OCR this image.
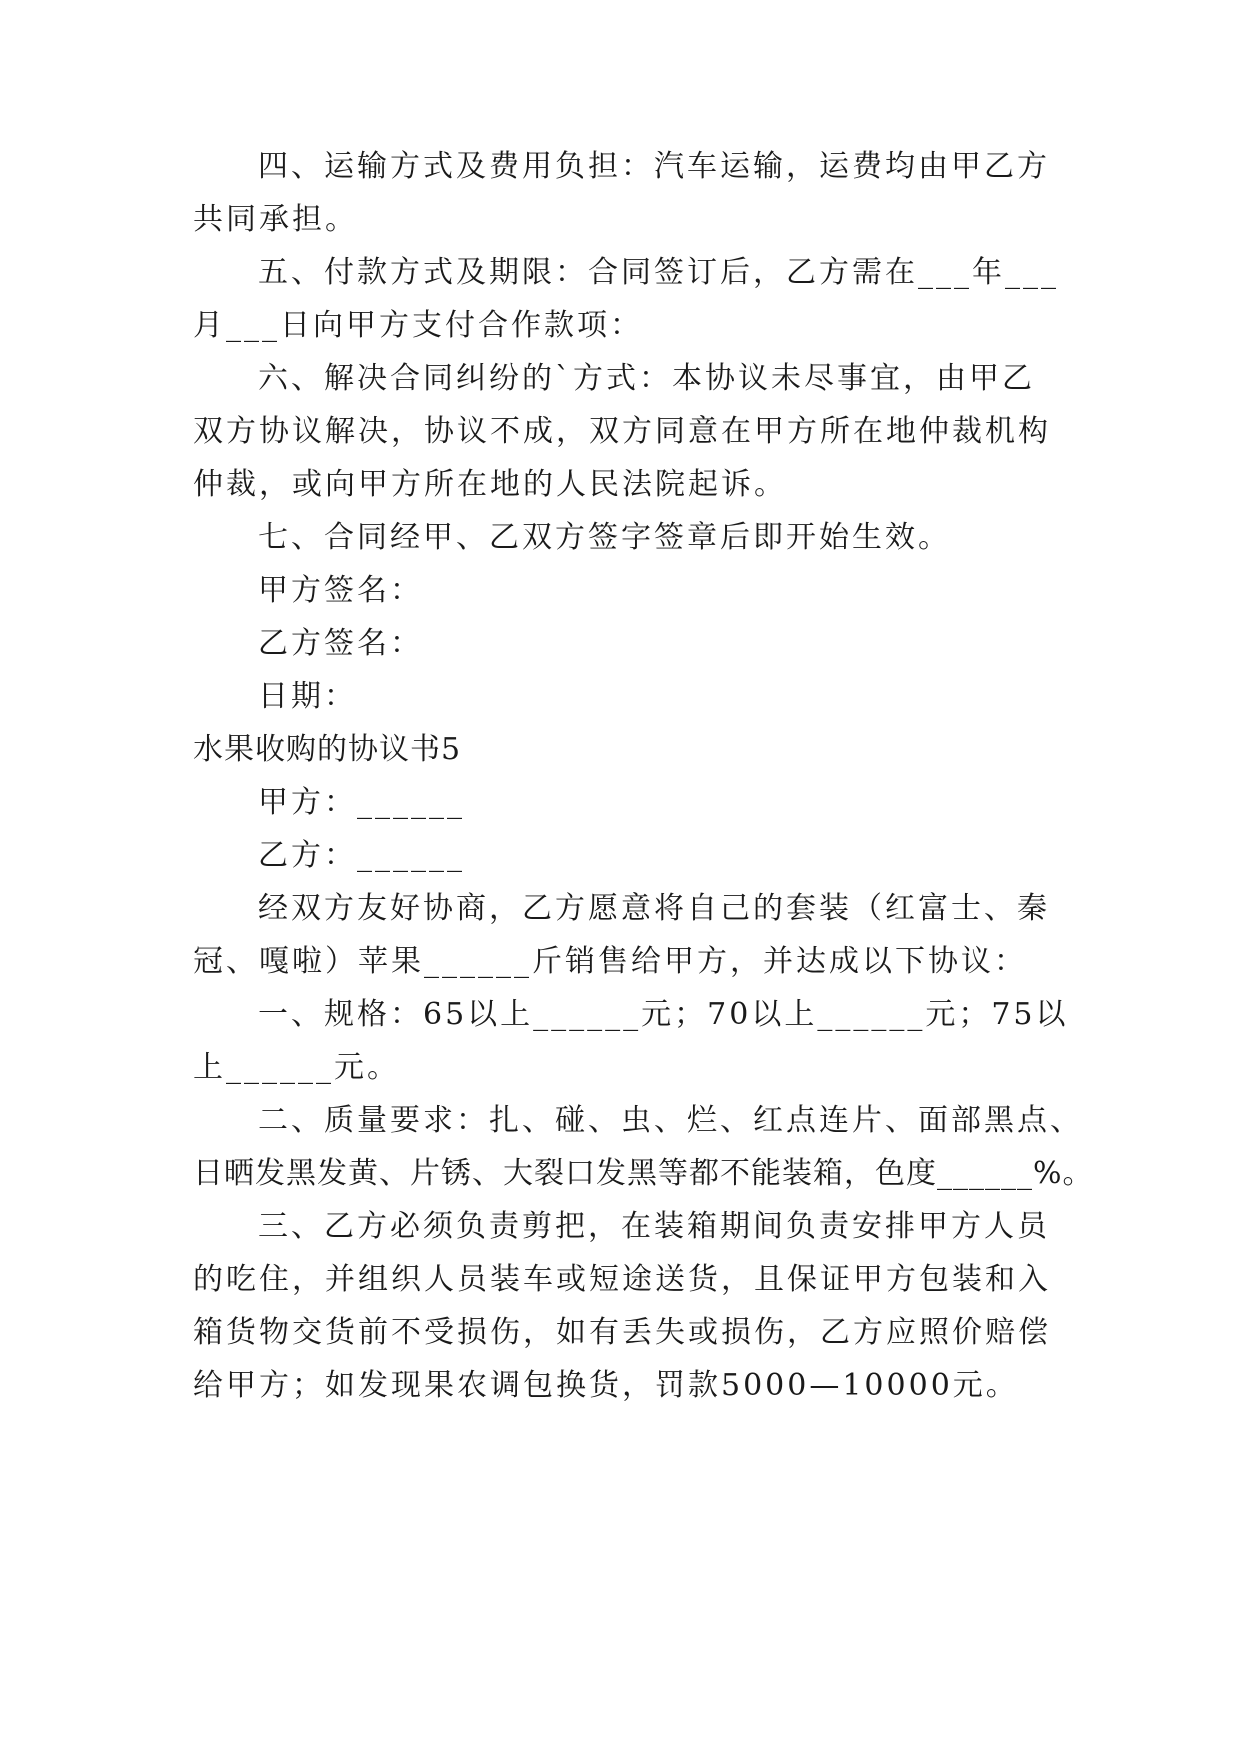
四、运输方式及费用负担：汽车运输，运费均由甲乙方
共同承担。
五、付款方式及期限：合同签订后，乙方需在___年___
月___日向甲方支付合作款项：
六、解决合同纠纷的`方式：本协议未尽事宜，由甲乙
双方协议解决，协议不成，双方同意在甲方所在地仲裁机构
仲裁，或向甲方所在地的人民法院起诉。
七、合同经甲、乙双方签字签章后即开始生效。
甲方签名：
乙方签名：
日期：
水果收购的协议书5
甲方：______
乙方：______
经双方友好协商，乙方愿意将自己的套装（红富士、秦
冠、嘎啦）苹果______斤销售给甲方，并达成以下协议：
一、规格：65以上______元；70以上______元；75以
上______元。
二、质量要求：扎、碰、虫、烂、红点连片、面部黑点、
日晒发黑发黄、片锈、大裂口发黑等都不能装箱，色度______%。
三、乙方必须负责剪把，在装箱期间负责安排甲方人员
的吃住，并组织人员装车或短途送货，且保证甲方包装和入
箱货物交货前不受损伤，如有丢失或损伤，乙方应照价赔偿
给甲方；如发现果农调包换货，罚款5000—10000元。
